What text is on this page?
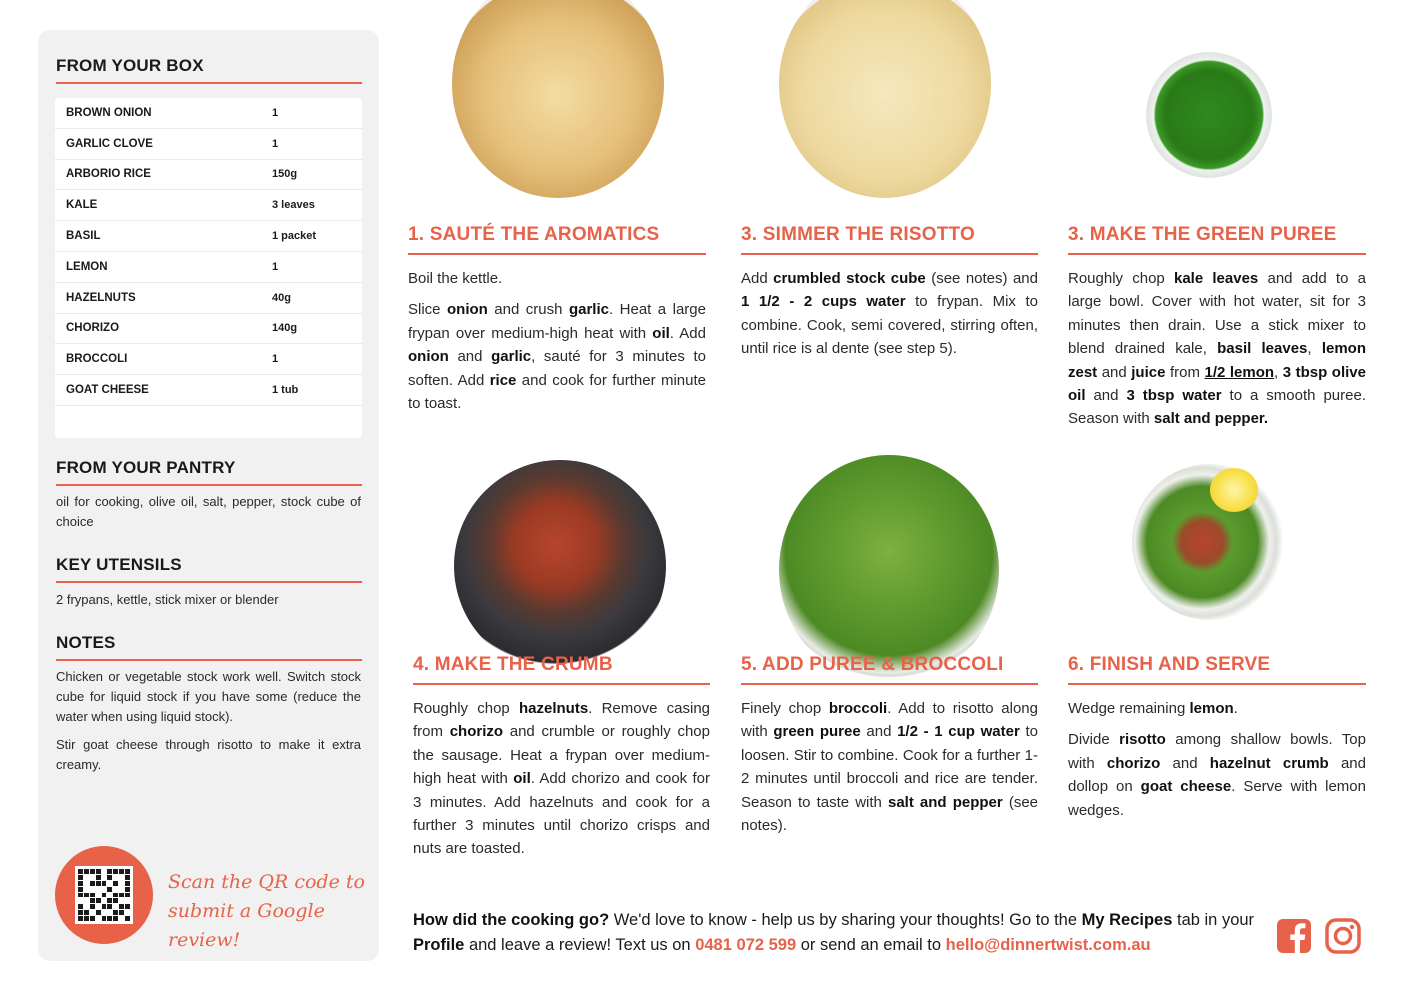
FROM YOUR BOX
BROWN ONION	1
GARLIC CLOVE	1
ARBORIO RICE	150g
KALE	3 leaves
BASIL	1 packet
LEMON	1
HAZELNUTS	40g
CHORIZO	140g
BROCCOLI	1
GOAT CHEESE	1 tub
FROM YOUR PANTRY
oil for cooking, olive oil, salt, pepper, stock cube of choice
KEY UTENSILS
2 frypans, kettle, stick mixer or blender
NOTES

Chicken or vegetable stock work well. Switch stock cube for liquid stock if you have some (reduce the water when using liquid stock).

Stir goat cheese through risotto to make it extra creamy.

Scan the QR code to
submit a Google review!
1. SAUTÉ THE AROMATICS

Boil the kettle.

Slice onion and crush garlic. Heat a large frypan over medium-high heat with oil. Add onion and garlic, sauté for 3 minutes to soften. Add rice and cook for further minute to toast.

3. SIMMER THE RISOTTO

Add crumbled stock cube (see notes) and 1 1/2 - 2 cups water to frypan. Mix to combine. Cook, semi covered, stirring often, until rice is al dente (see step 5).

3. MAKE THE GREEN PUREE

Roughly chop kale leaves and add to a large bowl. Cover with hot water, sit for 3 minutes then drain. Use a stick mixer to blend drained kale, basil leaves, lemon zest and juice from 1/2 lemon, 3 tbsp olive oil and 3 tbsp water to a smooth puree. Season with salt and pepper.

4. MAKE THE CRUMB

Roughly chop hazelnuts. Remove casing from chorizo and crumble or roughly chop the sausage. Heat a frypan over medium-high heat with oil. Add chorizo and cook for 3 minutes. Add hazelnuts and cook for a further 3 minutes until chorizo crisps and nuts are toasted.

5. ADD PUREE & BROCCOLI

Finely chop broccoli. Add to risotto along with green puree and 1/2 - 1 cup water to loosen. Stir to combine. Cook for a further 1-2 minutes until broccoli and rice are tender. Season to taste with salt and pepper (see notes).

6. FINISH AND SERVE

Wedge remaining lemon.

Divide risotto among shallow bowls. Top with chorizo and hazelnut crumb and dollop on goat cheese. Serve with lemon wedges.

How did the cooking go? We'd love to know - help us by sharing your thoughts! Go to the My Recipes tab in your Profile and leave a review! Text us on 0481 072 599 or send an email to hello@dinnertwist.com.au
